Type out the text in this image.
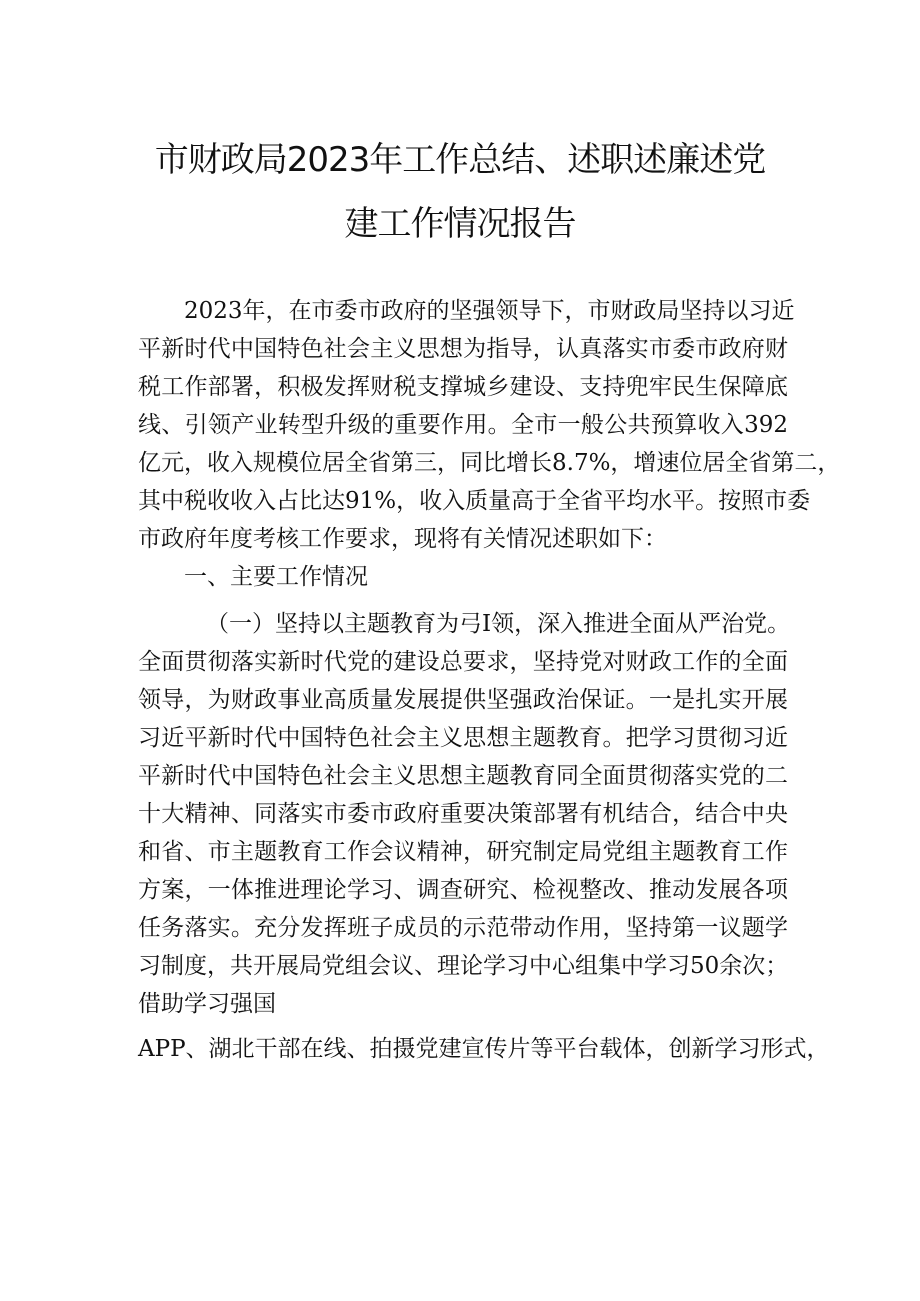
市财政局2023年工作总结、述职述廉述党
建工作情况报告
2023年，在市委市政府的坚强领导下，市财政局坚持以习近
平新时代中国特色社会主义思想为指导，认真落实市委市政府财
税工作部署，积极发挥财税支撑城乡建设、支持兜牢民生保障底
线、引领产业转型升级的重要作用。全市一般公共预算收入392
亿元，收入规模位居全省第三，同比增长8.7%，增速位居全省第二，
其中税收收入占比达91%，收入质量高于全省平均水平。按照市委
市政府年度考核工作要求，现将有关情况述职如下：
一、主要工作情况
（一）坚持以主题教育为弓I领，深入推进全面从严治党。
全面贯彻落实新时代党的建设总要求，坚持党对财政工作的全面
领导，为财政事业高质量发展提供坚强政治保证。一是扎实开展
习近平新时代中国特色社会主义思想主题教育。把学习贯彻习近
平新时代中国特色社会主义思想主题教育同全面贯彻落实党的二
十大精神、同落实市委市政府重要决策部署有机结合，结合中央
和省、市主题教育工作会议精神，研究制定局党组主题教育工作
方案，一体推进理论学习、调查研究、检视整改、推动发展各项
任务落实。充分发挥班子成员的示范带动作用，坚持第一议题学
习制度，共开展局党组会议、理论学习中心组集中学习50余次；
借助学习强国
APP、湖北干部在线、拍摄党建宣传片等平台载体，创新学习形式，
